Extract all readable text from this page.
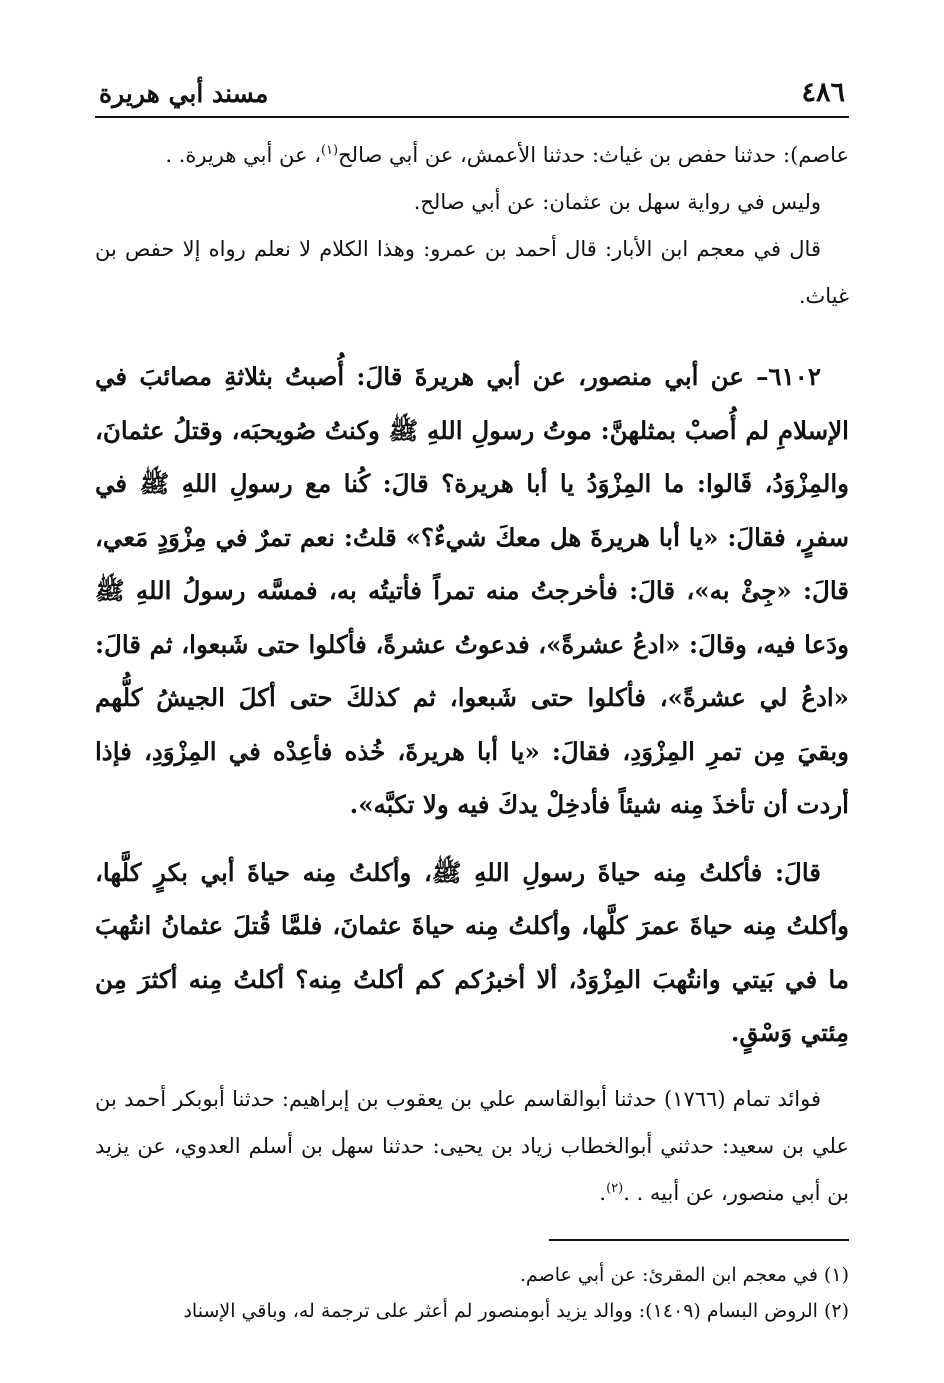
٤٨٦
مسند أبي هريرة

عاصم): حدثنا حفص بن غياث: حدثنا الأعمش، عن أبي صالح$^{(١)}$، عن أبي هريرة. .

وليس في رواية سهل بن عثمان: عن أبي صالح.

قال في معجم ابن الأبار: قال أحمد بن عمرو: وهذا الكلام لا نعلم رواه إلا حفص بن غياث.

٦١٠٢– عن أبي منصور، عن أبي هريرةَ قالَ: أُصبتُ بثلاثةِ مصائبَ في الإسلامِ لم أُصبْ بمثلهنَّ: موتُ رسولِ اللهِ ﷺ وكنتُ صُويحبَه، وقتلُ عثمانَ، والمِزْوَدُ، قَالوا: ما المِزْوَدُ يا أبا هريرة؟ قالَ: كُنا مع رسولِ اللهِ ﷺ في سفرٍ، فقالَ: «يا أبا هريرةَ هل معكَ شيءٌ؟» قلتُ: نعم تمرٌ في مِزْوَدٍ مَعي، قالَ: «جِئْ به»، قالَ: فأخرجتُ منه تمراً فأتيتُه به، فمسَّه رسولُ اللهِ ﷺ ودَعا فيه، وقالَ: «ادعُ عشرةً»، فدعوتُ عشرةً، فأكلوا حتى شَبعوا، ثم قالَ: «ادعُ لي عشرةً»، فأكلوا حتى شَبعوا، ثم كذلكَ حتى أكلَ الجيشُ كلُّهم وبقيَ مِن تمرِ المِزْوَدِ، فقالَ: «يا أبا هريرةَ، خُذه فأعِدْه في المِزْوَدِ، فإذا أردت أن تأخذَ مِنه شيئاً فأدخِلْ يدكَ فيه ولا تكبَّه».

قالَ: فأكلتُ مِنه حياةَ رسولِ اللهِ ﷺ، وأكلتُ مِنه حياةَ أبي بكرٍ كلَّها، وأكلتُ مِنه حياةَ عمرَ كلَّها، وأكلتُ مِنه حياةَ عثمانَ، فلمَّا قُتلَ عثمانُ انتُهبَ ما في بَيتي وانتُهبَ المِزْوَدُ، ألا أخبرُكم كم أكلتُ مِنه؟ أكلتُ مِنه أكثرَ مِن مِئتي وَسْقٍ.

فوائد تمام (١٧٦٦) حدثنا أبوالقاسم علي بن يعقوب بن إبراهيم: حدثنا أبوبكر أحمد بن علي بن سعيد: حدثني أبوالخطاب زياد بن يحيى: حدثنا سهل بن أسلم العدوي، عن يزيد بن أبي منصور، عن أبيه . .$^{(٢)}$.

(١) في معجم ابن المقرئ: عن أبي عاصم.

(٢) الروض البسام (١٤٠٩): ووالد يزيد أبومنصور لم أعثر على ترجمة له، وباقي الإسناد
